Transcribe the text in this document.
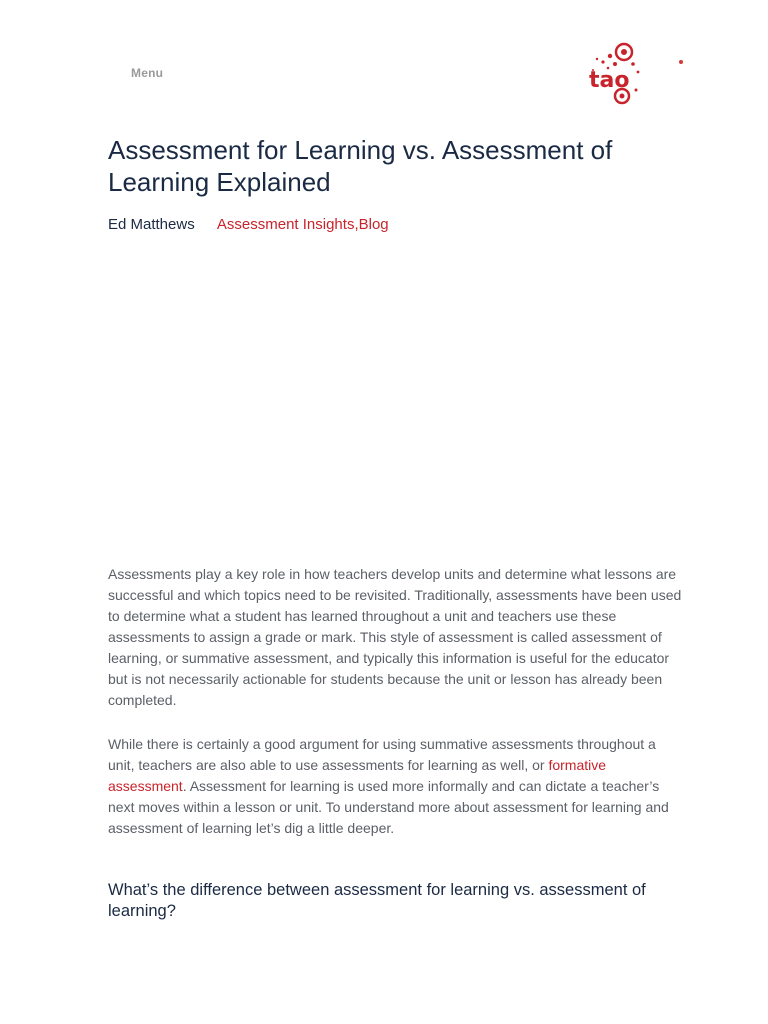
Menu	tao
Assessment for Learning vs. Assessment of Learning Explained
Ed Matthews Assessment Insights,Blog

Assessments play a key role in how teachers develop units and determine what lessons are successful and which topics need to be revisited. Traditionally, assessments have been used to determine what a student has learned throughout a unit and teachers use these assessments to assign a grade or mark. This style of assessment is called assessment of learning, or summative assessment, and typically this information is useful for the educator but is not necessarily actionable for students because the unit or lesson has already been completed.

While there is certainly a good argument for using summative assessments throughout a unit, teachers are also able to use assessments for learning as well, or formative assessment. Assessment for learning is used more informally and can dictate a teacher’s next moves within a lesson or unit. To understand more about assessment for learning and assessment of learning let’s dig a little deeper.

What’s the difference between assessment for learning vs. assessment of learning?
